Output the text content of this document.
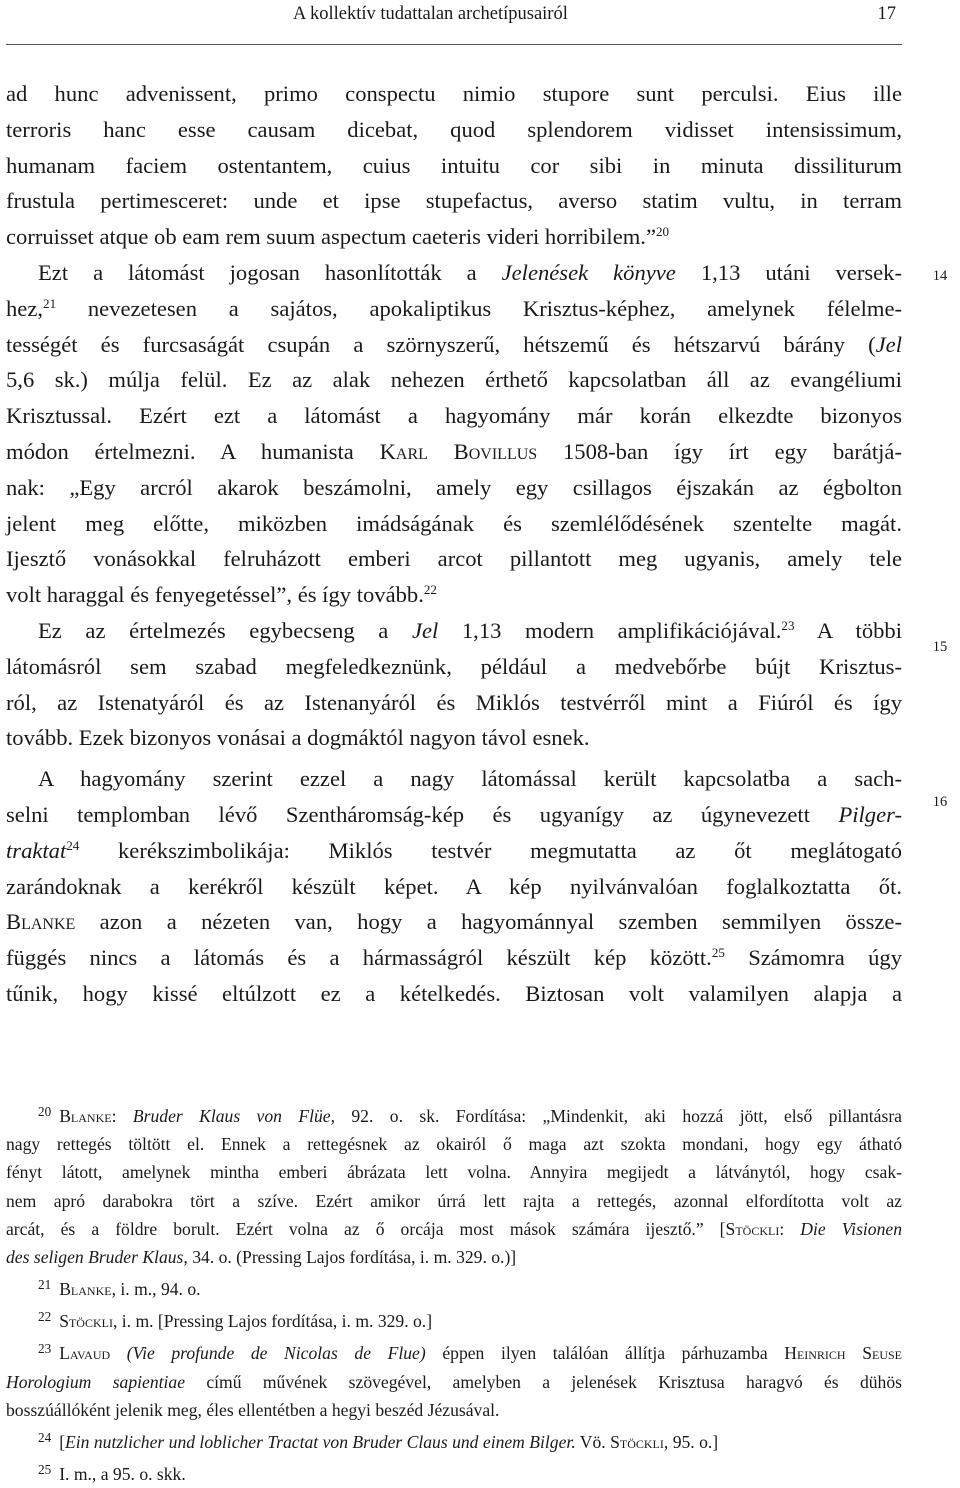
A kollektív tudattalan archetípusairól	17
14
15
16
ad hunc advenissent, primo conspectu nimio stupore sunt perculsi. Eius ille
terroris hanc esse causam dicebat, quod splendorem vidisset intensissimum,
humanam faciem ostentantem, cuius intuitu cor sibi in minuta dissiliturum
frustula pertimesceret: unde et ipse stupefactus, averso statim vultu, in terram
corruisset atque ob eam rem suum aspectum caeteris videri horribilem.”$^{20}$
Ezt a látomást jogosan hasonlították a Jelenések könyve 1,13 utáni versek-
hez,$^{21}$ nevezetesen a sajátos, apokaliptikus Krisztus-képhez, amelynek félelme-
tességét és furcsaságát csupán a szörnyszerű, hétszemű és hétszarvú bárány (Jel
5,6 sk.) múlja felül. Ez az alak nehezen érthető kapcsolatban áll az evangéliumi
Krisztussal. Ezért ezt a látomást a hagyomány már korán elkezdte bizonyos
módon értelmezni. A humanista Karl Bovillus 1508-ban így írt egy barátjá-
nak: „Egy arcról akarok beszámolni, amely egy csillagos éjszakán az égbolton
jelent meg előtte, miközben imádságának és szemlélődésének szentelte magát.
Ijesztő vonásokkal felruházott emberi arcot pillantott meg ugyanis, amely tele
volt haraggal és fenyegetéssel”, és így tovább.$^{22}$
Ez az értelmezés egybecseng a Jel 1,13 modern amplifikációjával.$^{23}$ A többi
látomásról sem szabad megfeledkeznünk, például a medvebőrbe bújt Krisztus-
ról, az Istenatyáról és az Istenanyáról és Miklós testvérről mint a Fiúról és így
tovább. Ezek bizonyos vonásai a dogmáktól nagyon távol esnek.
A hagyomány szerint ezzel a nagy látomással került kapcsolatba a sach-
selni templomban lévő Szentháromság-kép és ugyanígy az úgynevezett Pilger-
traktat$^{24}$ kerékszimbolikája: Miklós testvér megmutatta az őt meglátogató
zarándoknak a kerékről készült képet. A kép nyilvánvalóan foglalkoztatta őt.
Blanke azon a nézeten van, hogy a hagyománnyal szemben semmilyen össze-
függés nincs a látomás és a hármasságról készült kép között.$^{25}$ Számomra úgy
tűnik, hogy kissé eltúlzott ez a kételkedés. Biztosan volt valamilyen alapja a
$^{20}$ Blanke: Bruder Klaus von Flüe, 92. o. sk. Fordítása: „Mindenkit, aki hozzá jött, első pillantásra
nagy rettegés töltött el. Ennek a rettegésnek az okairól ő maga azt szokta mondani, hogy egy átható
fényt látott, amelynek mintha emberi ábrázata lett volna. Annyira megijedt a látványtól, hogy csak-
nem apró darabokra tört a szíve. Ezért amikor úrrá lett rajta a rettegés, azonnal elfordította volt az
arcát, és a földre borult. Ezért volna az ő orcája most mások számára ijesztő.” [Stöckli: Die Visionen
des seligen Bruder Klaus, 34. o. (Pressing Lajos fordítása, i. m. 329. o.)]
$^{21}$ Blanke, i. m., 94. o.
$^{22}$ Stöckli, i. m. [Pressing Lajos fordítása, i. m. 329. o.]
$^{23}$ Lavaud (Vie profunde de Nicolas de Flue) éppen ilyen találóan állítja párhuzamba Heinrich Seuse
Horologium sapientiae című művének szövegével, amelyben a jelenések Krisztusa haragvó és dühös
bosszúállóként jelenik meg, éles ellentétben a hegyi beszéd Jézusával.
$^{24}$ [Ein nutzlicher und loblicher Tractat von Bruder Claus und einem Bilger. Vö. Stöckli, 95. o.]
$^{25}$ I. m., a 95. o. skk.
